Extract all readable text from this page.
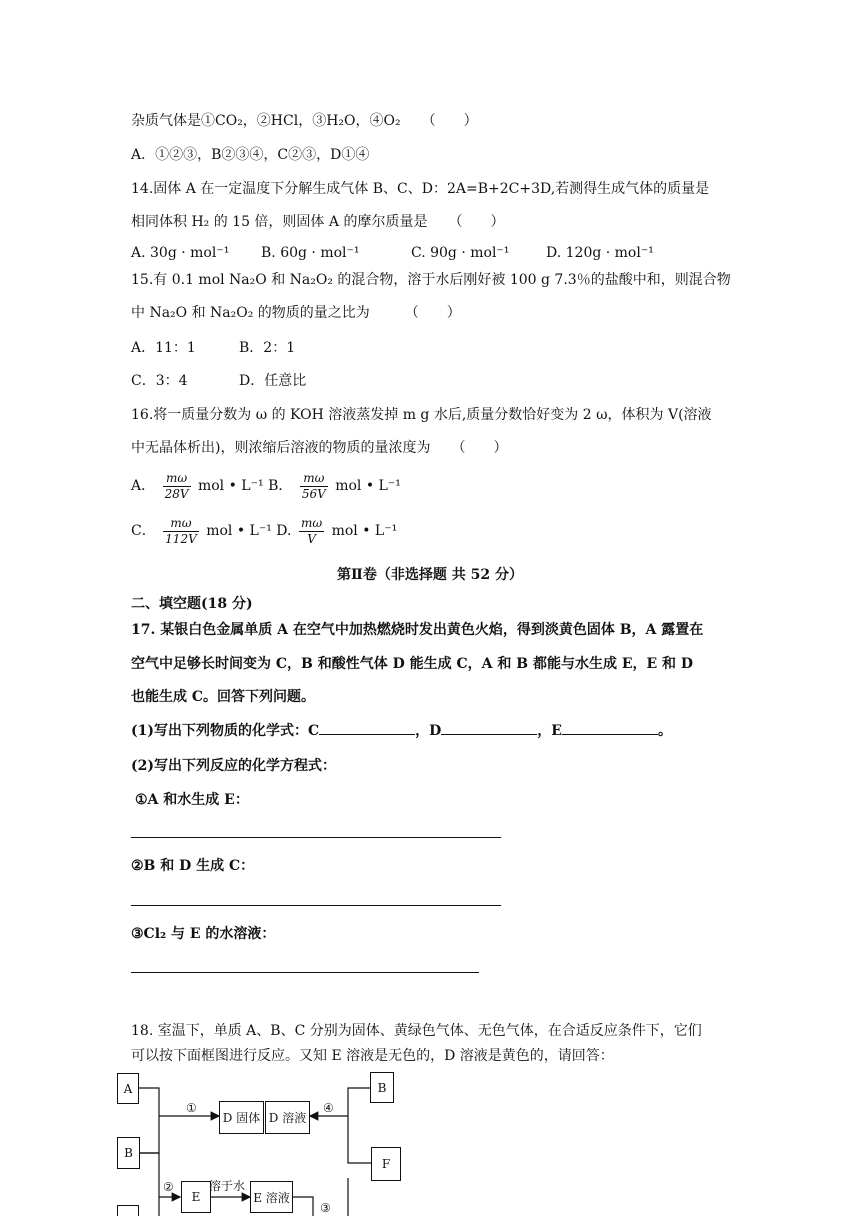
杂质气体是①CO₂，②HCl，③H₂O，④O₂　　 （　　）
A．①②③，B②③④，C②③，D①④
14.固体 A 在一定温度下分解生成气体 B、C、D：2A=B+2C+3D,若测得生成气体的质量是
相同体积 H₂ 的 15 倍，则固体 A 的摩尔质量是　　 （　　）
A. 30g · mol⁻¹ B. 60g · mol⁻¹	C. 90g · mol⁻¹	D. 120g · mol⁻¹
15.有 0.1 mol Na₂O 和 Na₂O₂ 的混合物，溶于水后刚好被 100 g 7.3％的盐酸中和，则混合物
中 Na₂O 和 Na₂O₂ 的物质的量之比为　　　	（　　）
A．11：1	B．2：1
C．3：4	D．任意比
16.将一质量分数为 ω 的 KOH 溶液蒸发掉 m g 水后,质量分数恰好变为 2 ω，体积为 V(溶液
中无晶体析出)，则浓缩后溶液的物质的量浓度为　　 （　　）
A． $\frac{m\omega}{28V}$ mol • L⁻¹ B． $\frac{m\omega}{56V}$ mol • L⁻¹
C． $\frac{m\omega}{112V}$ mol • L⁻¹ D. $\frac{m\omega}{V}$ mol • L⁻¹
第Ⅱ卷（非选择题 共 52 分）
二、填空题(18 分)
17. 某银白色金属单质 A 在空气中加热燃烧时发出黄色火焰，得到淡黄色固体 B，A 露置在
空气中足够长时间变为 C，B 和酸性气体 D 能生成 C，A 和 B 都能与水生成 E，E 和 D
也能生成 C。回答下列问题。
(1)写出下列物质的化学式：C	，D	，E	。
(2)写出下列反应的化学方程式：
①A 和水生成 E：
②B 和 D 生成 C：
③Cl₂ 与 E 的水溶液：
18. 室温下，单质 A、B、C 分别为固体、黄绿色气体、无色气体，在合适反应条件下，它们
可以按下面框图进行反应。又知 E 溶液是无色的，D 溶液是黄色的，请回答：
A	B
B
D 固体 D 溶液
F
E	E 溶液
①	④
②	溶于水
③
